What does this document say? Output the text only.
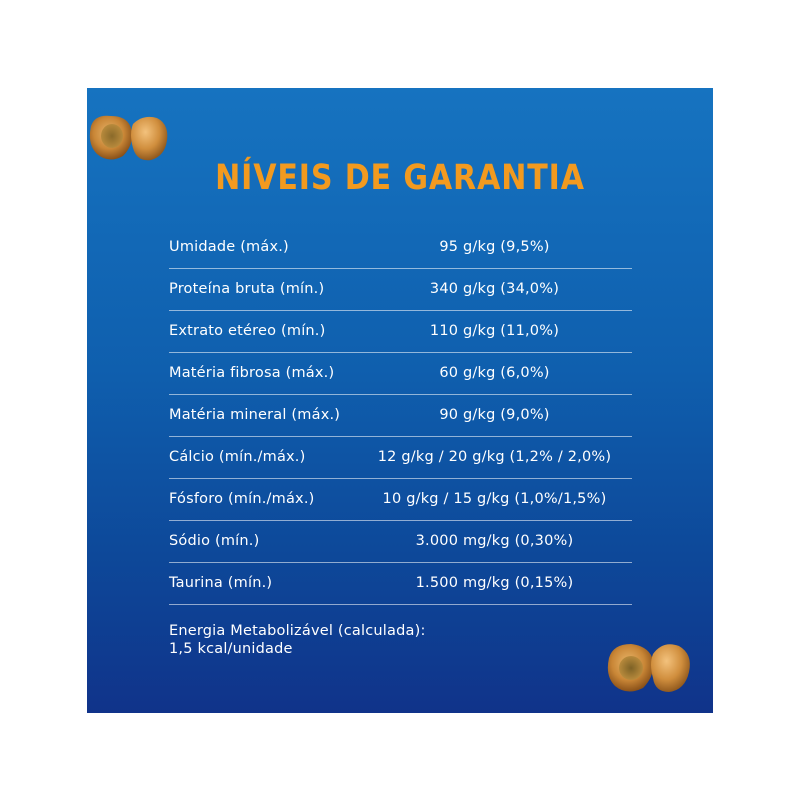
NÍVEIS DE GARANTIA
Umidade (máx.)	95 g/kg (9,5%)
Proteína bruta (mín.)	340 g/kg (34,0%)
Extrato etéreo (mín.)	110 g/kg (11,0%)
Matéria fibrosa (máx.)	60 g/kg (6,0%)
Matéria mineral (máx.)	90 g/kg (9,0%)
Cálcio (mín./máx.)	12 g/kg / 20 g/kg (1,2% / 2,0%)
Fósforo (mín./máx.)	10 g/kg / 15 g/kg (1,0%/1,5%)
Sódio (mín.)	3.000 mg/kg (0,30%)
Taurina (mín.)	1.500 mg/kg (0,15%)
Energia Metabolizável (calculada):
1,5 kcal/unidade
